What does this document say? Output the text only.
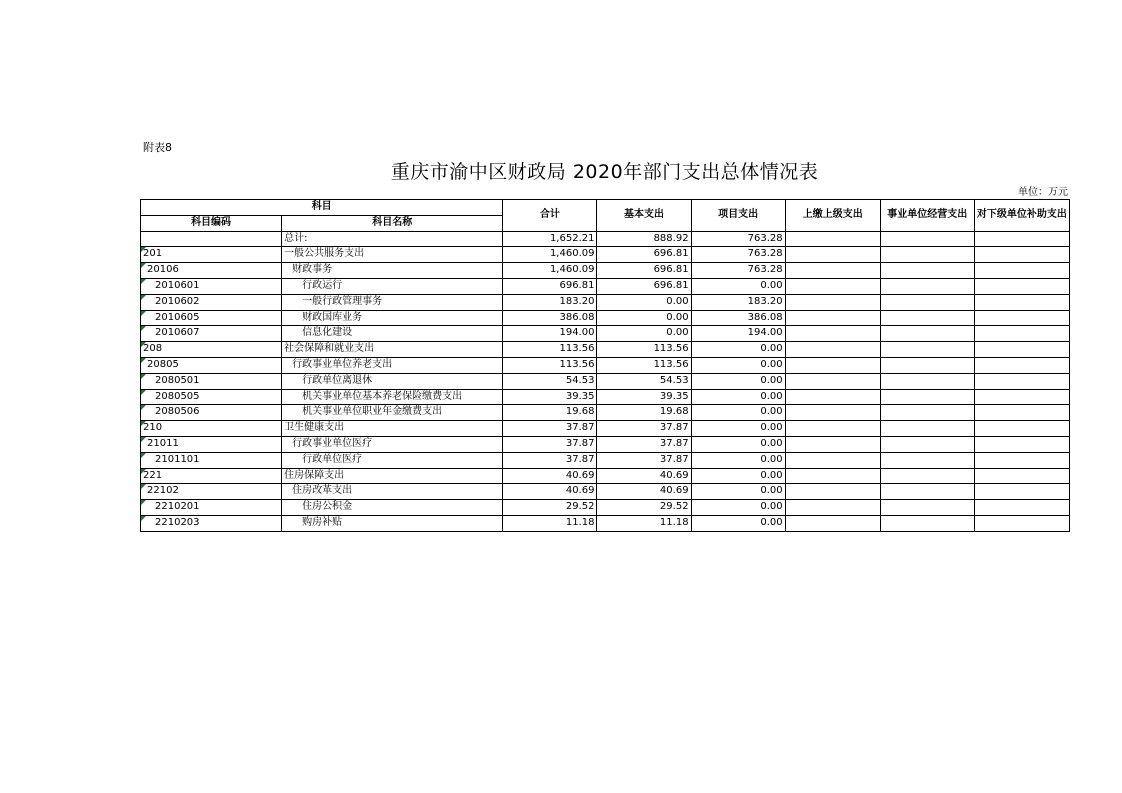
附表8
重庆市渝中区财政局 2020年部门支出总体情况表
单位：万元
科目		合计	基本支出	项目支出	上缴上级支出	事业单位经营支出	对下级单位补助支出
科目编码	科目名称						
	总计:	1,652.21	888.92	763.28			
201	一般公共服务支出	1,460.09	696.81	763.28			
20106	财政事务	1,460.09	696.81	763.28			
2010601	行政运行	696.81	696.81	0.00			
2010602	一般行政管理事务	183.20	0.00	183.20			
2010605	财政国库业务	386.08	0.00	386.08			
2010607	信息化建设	194.00	0.00	194.00			
208	社会保障和就业支出	113.56	113.56	0.00			
20805	行政事业单位养老支出	113.56	113.56	0.00			
2080501	行政单位离退休	54.53	54.53	0.00			
2080505	机关事业单位基本养老保险缴费支出	39.35	39.35	0.00			
2080506	机关事业单位职业年金缴费支出	19.68	19.68	0.00			
210	卫生健康支出	37.87	37.87	0.00			
21011	行政事业单位医疗	37.87	37.87	0.00			
2101101	行政单位医疗	37.87	37.87	0.00			
221	住房保障支出	40.69	40.69	0.00			
22102	住房改革支出	40.69	40.69	0.00			
2210201	住房公积金	29.52	29.52	0.00			
2210203	购房补贴	11.18	11.18	0.00			
